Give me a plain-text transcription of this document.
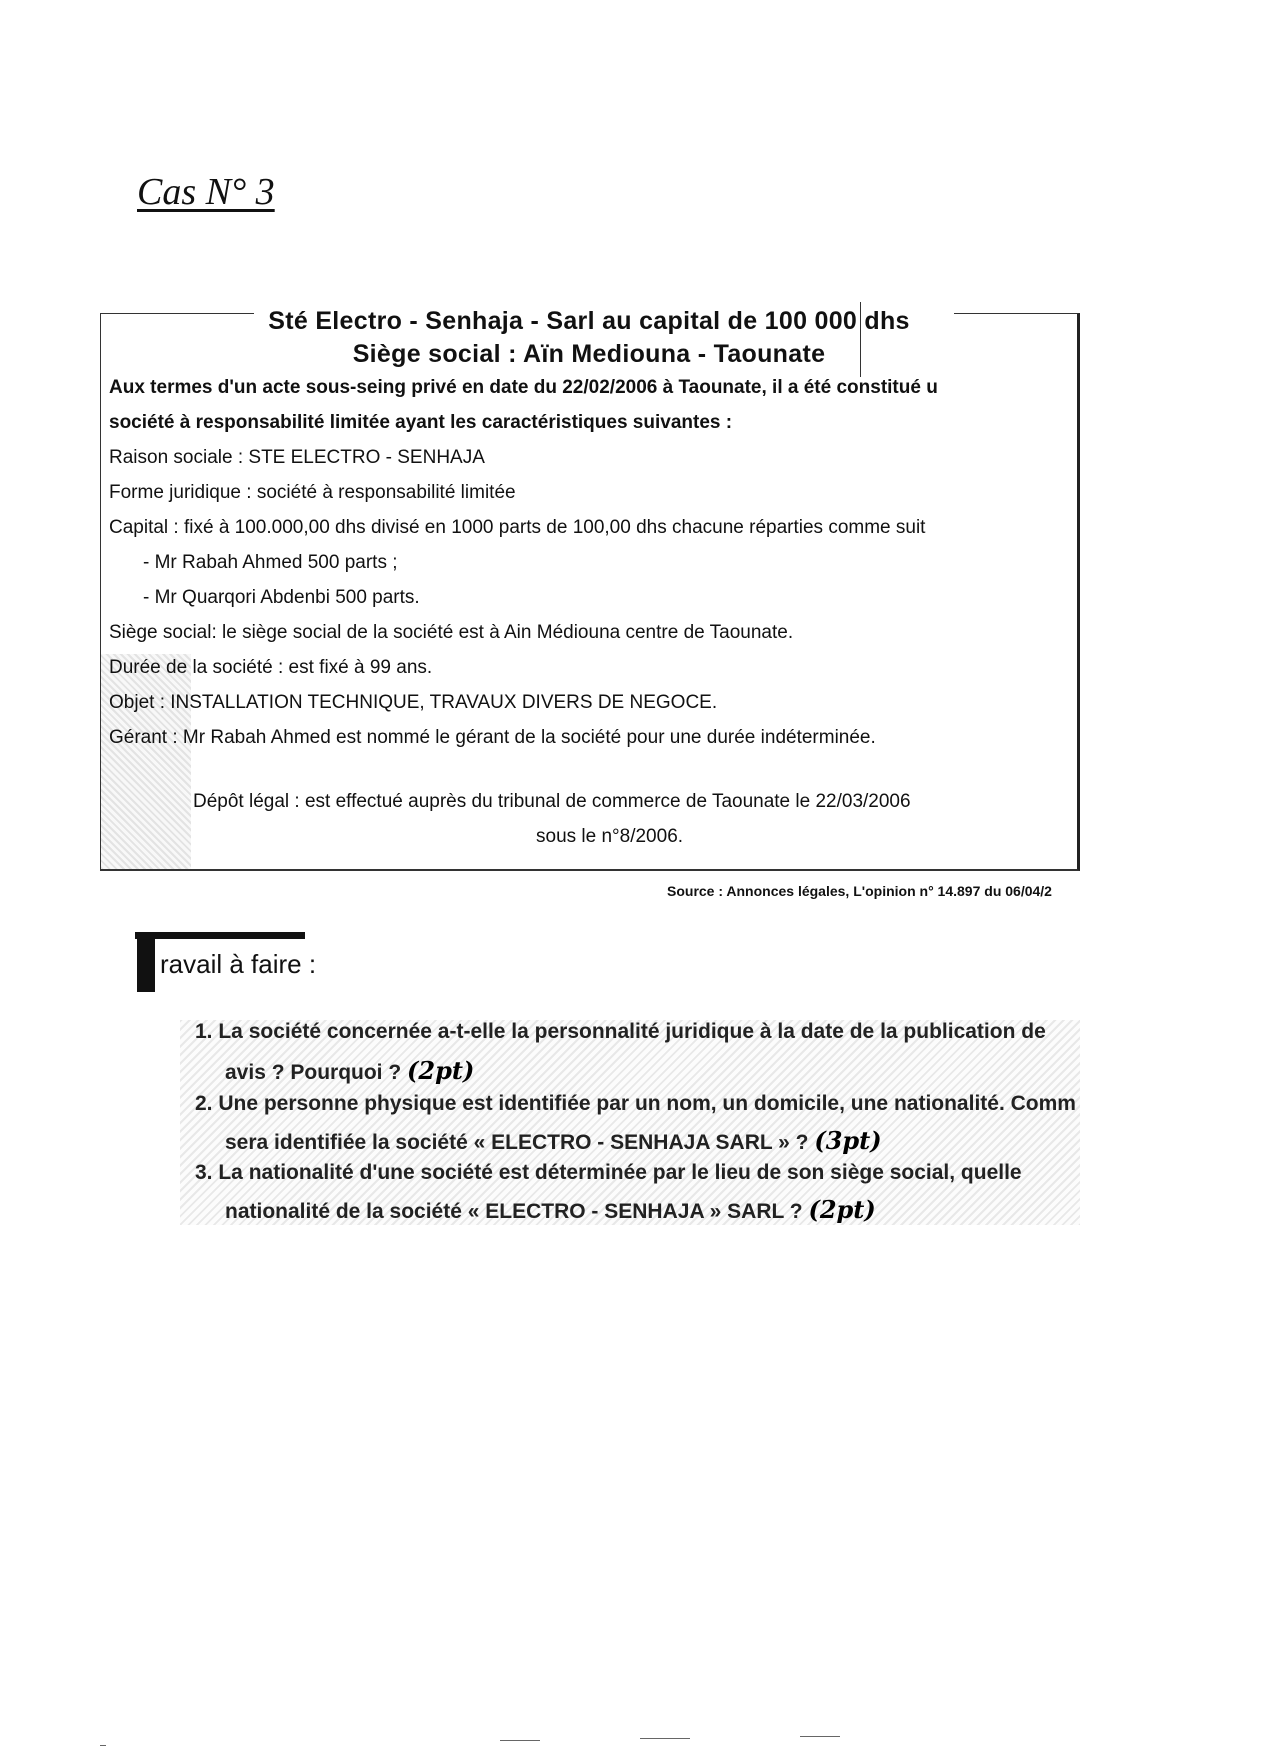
Cas N° 3
Sté Electro - Senhaja - Sarl au capital de 100 000 dhs
Siège social : Aïn Mediouna - Taounate
Aux termes d'un acte sous-seing privé en date du 22/02/2006 à Taounate, il a été constitué u
société à responsabilité limitée ayant les caractéristiques suivantes :
Raison sociale : STE ELECTRO - SENHAJA
Forme juridique : société à responsabilité limitée
Capital : fixé à 100.000,00 dhs divisé en 1000 parts de 100,00 dhs chacune réparties comme suit
- Mr Rabah Ahmed 500 parts ;
- Mr Quarqori Abdenbi 500 parts.
Siège social: le siège social de la société est à Ain Médiouna centre de Taounate.
Durée de la société : est fixé à 99 ans.
Objet : INSTALLATION TECHNIQUE, TRAVAUX DIVERS DE NEGOCE.
Gérant : Mr Rabah Ahmed est nommé le gérant de la société pour une durée indéterminée.
Dépôt légal : est effectué auprès du tribunal de commerce de Taounate le 22/03/2006
sous le n°8/2006.
Source : Annonces légales, L'opinion n° 14.897 du 06/04/2
ravail à faire :
1. La société concernée a-t-elle la personnalité juridique à la date de la publication de
avis ? Pourquoi ? (2pt)
2. Une personne physique est identifiée par un nom, un domicile, une nationalité. Comm
sera identifiée la société « ELECTRO - SENHAJA SARL » ? (3pt)
3. La nationalité d'une société est déterminée par le lieu de son siège social, quelle
nationalité de la société « ELECTRO - SENHAJA » SARL ? (2pt)
